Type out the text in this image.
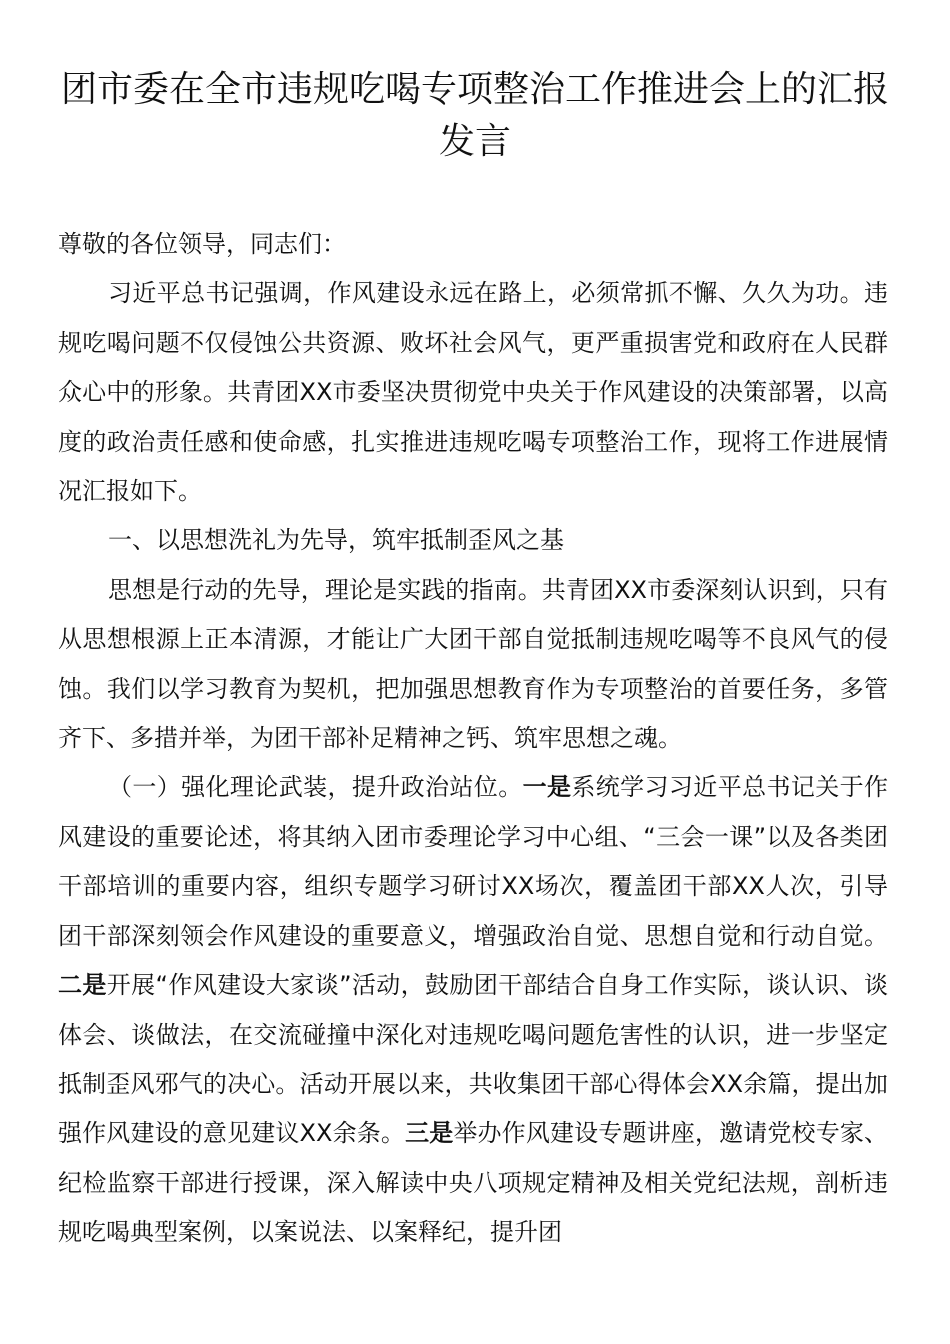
团市委在全市违规吃喝专项整治工作推进会上的汇报
发言

尊敬的各位领导，同志们：

习近平总书记强调，作风建设永远在路上，必须常抓不懈、久久为功。违规吃喝问题不仅侵蚀公共资源、败坏社会风气，更严重损害党和政府在人民群众心中的形象。共青团XX市委坚决贯彻党中央关于作风建设的决策部署，以高度的政治责任感和使命感，扎实推进违规吃喝专项整治工作，现将工作进展情况汇报如下。

一、以思想洗礼为先导，筑牢抵制歪风之基

思想是行动的先导，理论是实践的指南。共青团XX市委深刻认识到，只有从思想根源上正本清源，才能让广大团干部自觉抵制违规吃喝等不良风气的侵蚀。我们以学习教育为契机，把加强思想教育作为专项整治的首要任务，多管齐下、多措并举，为团干部补足精神之钙、筑牢思想之魂。

（一）强化理论武装，提升政治站位。一是系统学习习近平总书记关于作风建设的重要论述，将其纳入团市委理论学习中心组、“三会一课”以及各类团干部培训的重要内容，组织专题学习研讨XX场次，覆盖团干部XX人次，引导团干部深刻领会作风建设的重要意义，增强政治自觉、思想自觉和行动自觉。二是开展“作风建设大家谈”活动，鼓励团干部结合自身工作实际，谈认识、谈体会、谈做法，在交流碰撞中深化对违规吃喝问题危害性的认识，进一步坚定抵制歪风邪气的决心。活动开展以来，共收集团干部心得体会XX余篇，提出加强作风建设的意见建议XX余条。三是举办作风建设专题讲座，邀请党校专家、纪检监察干部进行授课，深入解读中央八项规定精神及相关党纪法规，剖析违规吃喝典型案例，以案说法、以案释纪，提升团
